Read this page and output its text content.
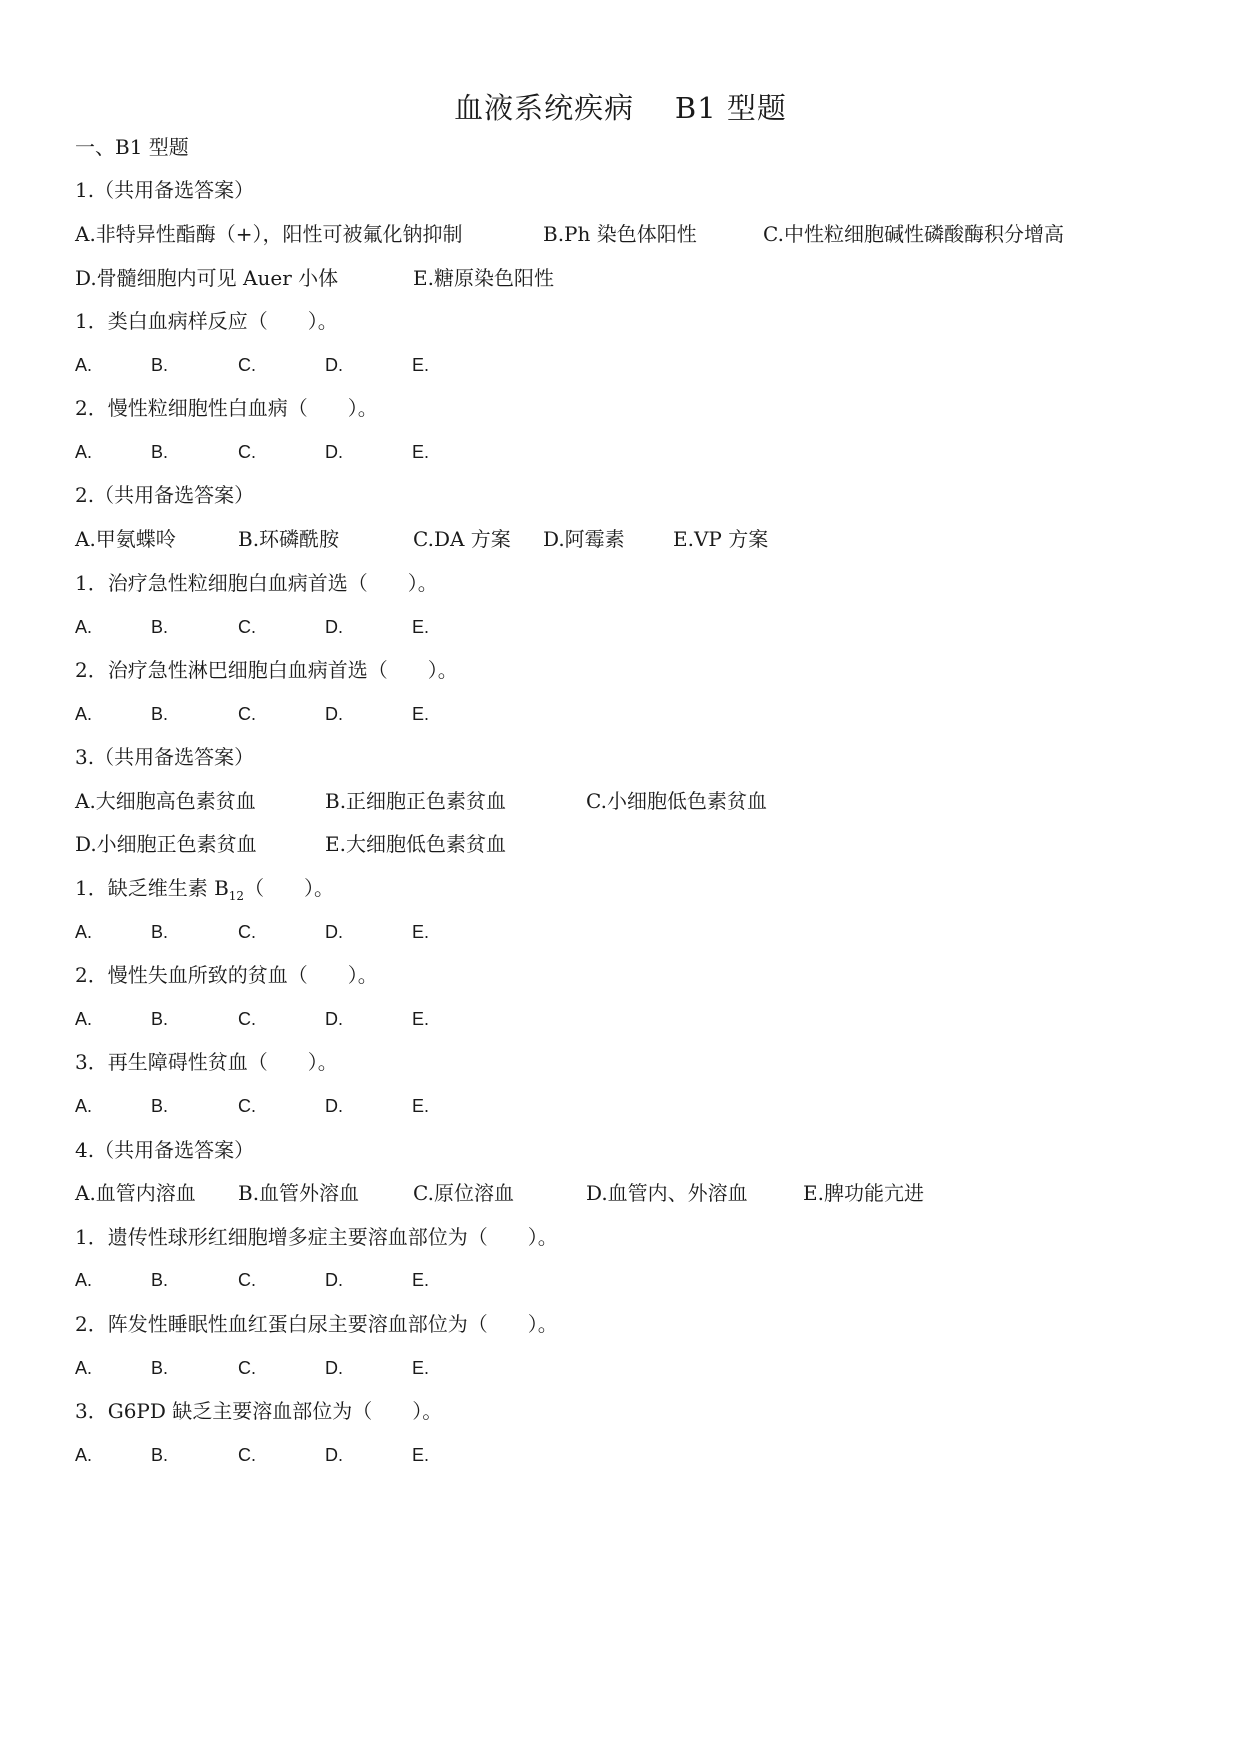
血液系统疾病    B1 型题
一、B1 型题
1.（共用备选答案）
A.非特异性酯酶（+），阳性可被氟化钠抑制	B.Ph 染色体阳性	C.中性粒细胞碱性磷酸酶积分增高
D.骨髓细胞内可见 Auer 小体	E.糖原染色阳性
1．类白血病样反应（　　）。
A.	B.	C.	D.	E.
2．慢性粒细胞性白血病（　　）。
A.	B.	C.	D.	E.
2.（共用备选答案）
A.甲氨蝶呤	B.环磷酰胺	C.DA 方案 D.阿霉素 E.VP 方案
1．治疗急性粒细胞白血病首选（　　）。
A.	B.	C.	D.	E.
2．治疗急性淋巴细胞白血病首选（　　）。
A.	B.	C.	D.	E.
3.（共用备选答案）
A.大细胞高色素贫血	B.正细胞正色素贫血	C.小细胞低色素贫血
D.小细胞正色素贫血	E.大细胞低色素贫血
1．缺乏维生素 $B_{12}$（　　）。
A.	B.	C.	D.	E.
2．慢性失血所致的贫血（　　）。
A.	B.	C.	D.	E.
3．再生障碍性贫血（　　）。
A.	B.	C.	D.	E.
4.（共用备选答案）
A.血管内溶血 B.血管外溶血	C.原位溶血	D.血管内、外溶血	E.脾功能亢进
1．遗传性球形红细胞增多症主要溶血部位为（　　）。
A.	B.	C.	D.	E.
2．阵发性睡眠性血红蛋白尿主要溶血部位为（　　）。
A.	B.	C.	D.	E.
3．G6PD 缺乏主要溶血部位为（　　）。
A.	B.	C.	D.	E.
